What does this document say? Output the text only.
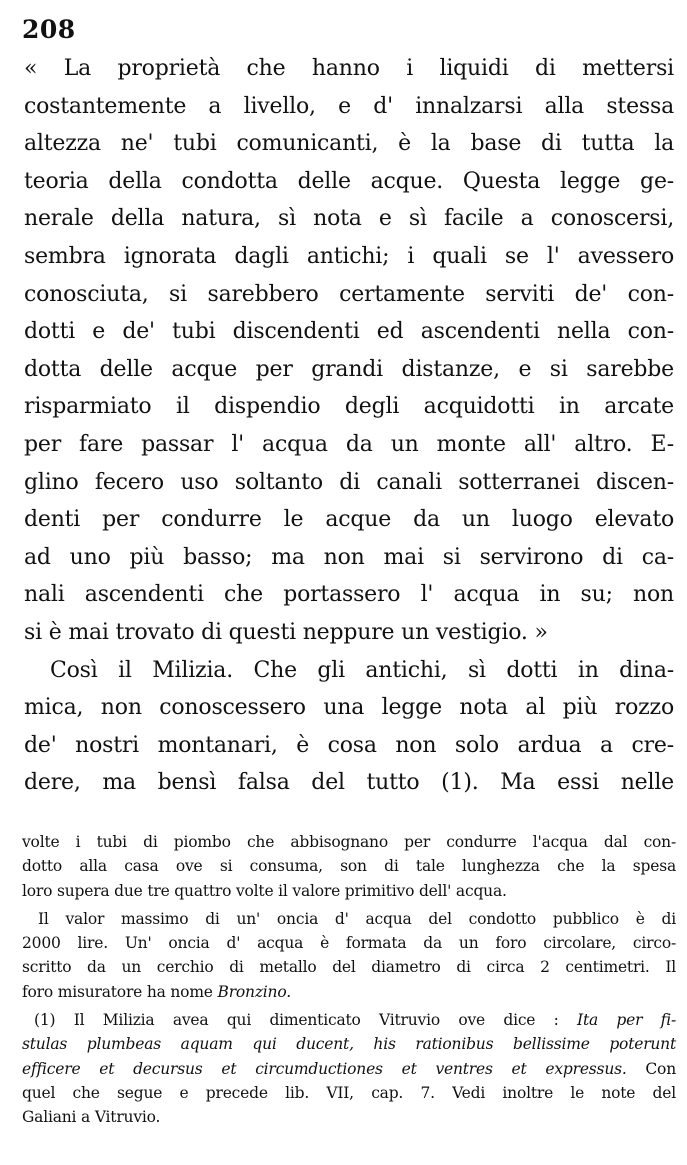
208
« La proprietà che hanno i liquidi di mettersi
costantemente a livello, e d' innalzarsi alla stessa
altezza ne' tubi comunicanti, è la base di tutta la
teoria della condotta delle acque. Questa legge ge-
nerale della natura, sì nota e sì facile a conoscersi,
sembra ignorata dagli antichi; i quali se l' avessero
conosciuta, si sarebbero certamente serviti de' con-
dotti e de' tubi discendenti ed ascendenti nella con-
dotta delle acque per grandi distanze, e si sarebbe
risparmiato il dispendio degli acquidotti in arcate
per fare passar l' acqua da un monte all' altro. E-
glino fecero uso soltanto di canali sotterranei discen-
denti per condurre le acque da un luogo elevato
ad uno più basso; ma non mai si servirono di ca-
nali ascendenti che portassero l' acqua in su; non
si è mai trovato di questi neppure un vestigio. »
Così il Milizia. Che gli antichi, sì dotti in dina-
mica, non conoscessero una legge nota al più rozzo
de' nostri montanari, è cosa non solo ardua a cre-
dere, ma bensì falsa del tutto (1). Ma essi nelle
volte i tubi di piombo che abbisognano per condurre l'acqua dal con-
dotto alla casa ove si consuma, son di tale lunghezza che la spesa
loro supera due tre quattro volte il valore primitivo dell' acqua.
Il valor massimo di un' oncia d' acqua del condotto pubblico è di
2000 lire. Un' oncia d' acqua è formata da un foro circolare, circo-
scritto da un cerchio di metallo del diametro di circa 2 centimetri. Il
foro misuratore ha nome Bronzino.
(1) Il Milizia avea qui dimenticato Vitruvio ove dice : Ita per fi-
stulas plumbeas aquam qui ducent, his rationibus bellissime poterunt
efficere et decursus et circumductiones et ventres et expressus. Con
quel che segue e precede lib. VII, cap. 7. Vedi inoltre le note del
Galiani a Vitruvio.
